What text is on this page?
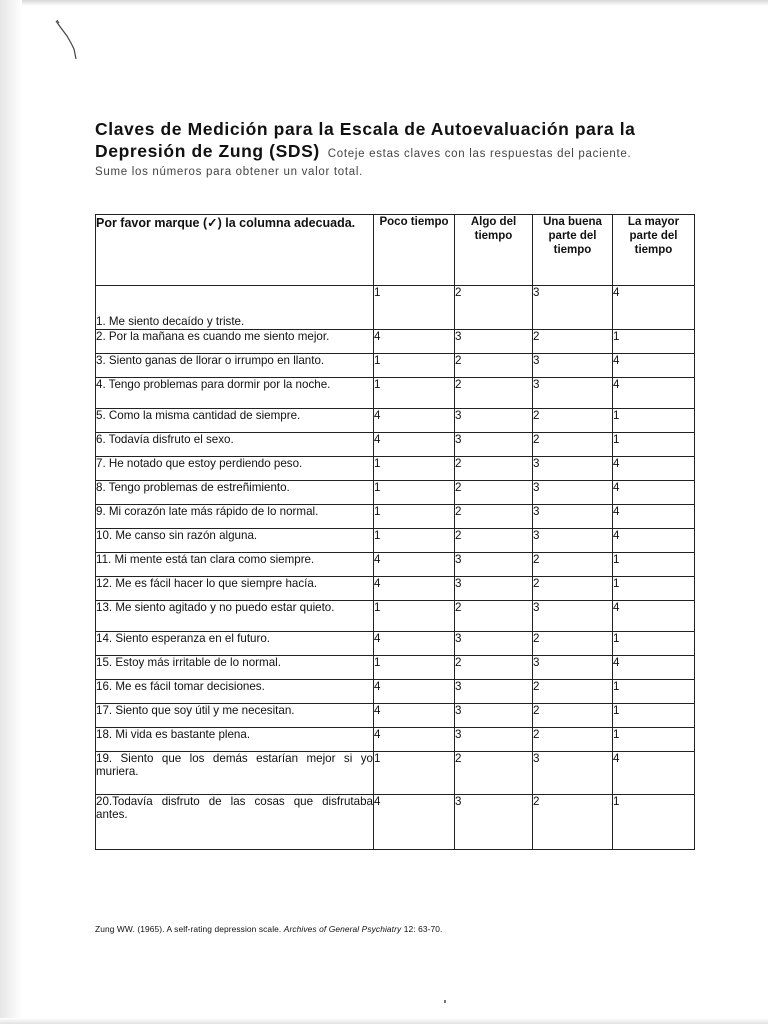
Claves de Medición para la Escala de Autoevaluación para la
Depresión de Zung (SDS) Coteje estas claves con las respuestas del paciente.
Sume los números para obtener un valor total.
Por favor marque (✓) la columna adecuada.	Poco tiempo	Algo del tiempo	Una buena parte del tiempo	La mayor parte del tiempo
1. Me siento decaído y triste.	1	2	3	4
2. Por la mañana es cuando me siento mejor.	4	3	2	1
3. Siento ganas de llorar o irrumpo en llanto.	1	2	3	4
4. Tengo problemas para dormir por la noche.	1	2	3	4
5. Como la misma cantidad de siempre.	4	3	2	1
6. Todavía disfruto el sexo.	4	3	2	1
7. He notado que estoy perdiendo peso.	1	2	3	4
8. Tengo problemas de estreñimiento.	1	2	3	4
9. Mi corazón late más rápido de lo normal.	1	2	3	4
10. Me canso sin razón alguna.	1	2	3	4
11. Mi mente está tan clara como siempre.	4	3	2	1
12. Me es fácil hacer lo que siempre hacía.	4	3	2	1
13. Me siento agitado y no puedo estar quieto.	1	2	3	4
14. Siento esperanza en el futuro.	4	3	2	1
15. Estoy más irritable de lo normal.	1	2	3	4
16. Me es fácil tomar decisiones.	4	3	2	1
17. Siento que soy útil y me necesitan.	4	3	2	1
18. Mi vida es bastante plena.	4	3	2	1
19. Siento que los demás estarían mejor si yo muriera.	1	2	3	4
20.Todavía disfruto de las cosas que disfrutaba antes.	4	3	2	1
Zung WW. (1965). A self-rating depression scale. Archives of General Psychiatry 12: 63-70.
